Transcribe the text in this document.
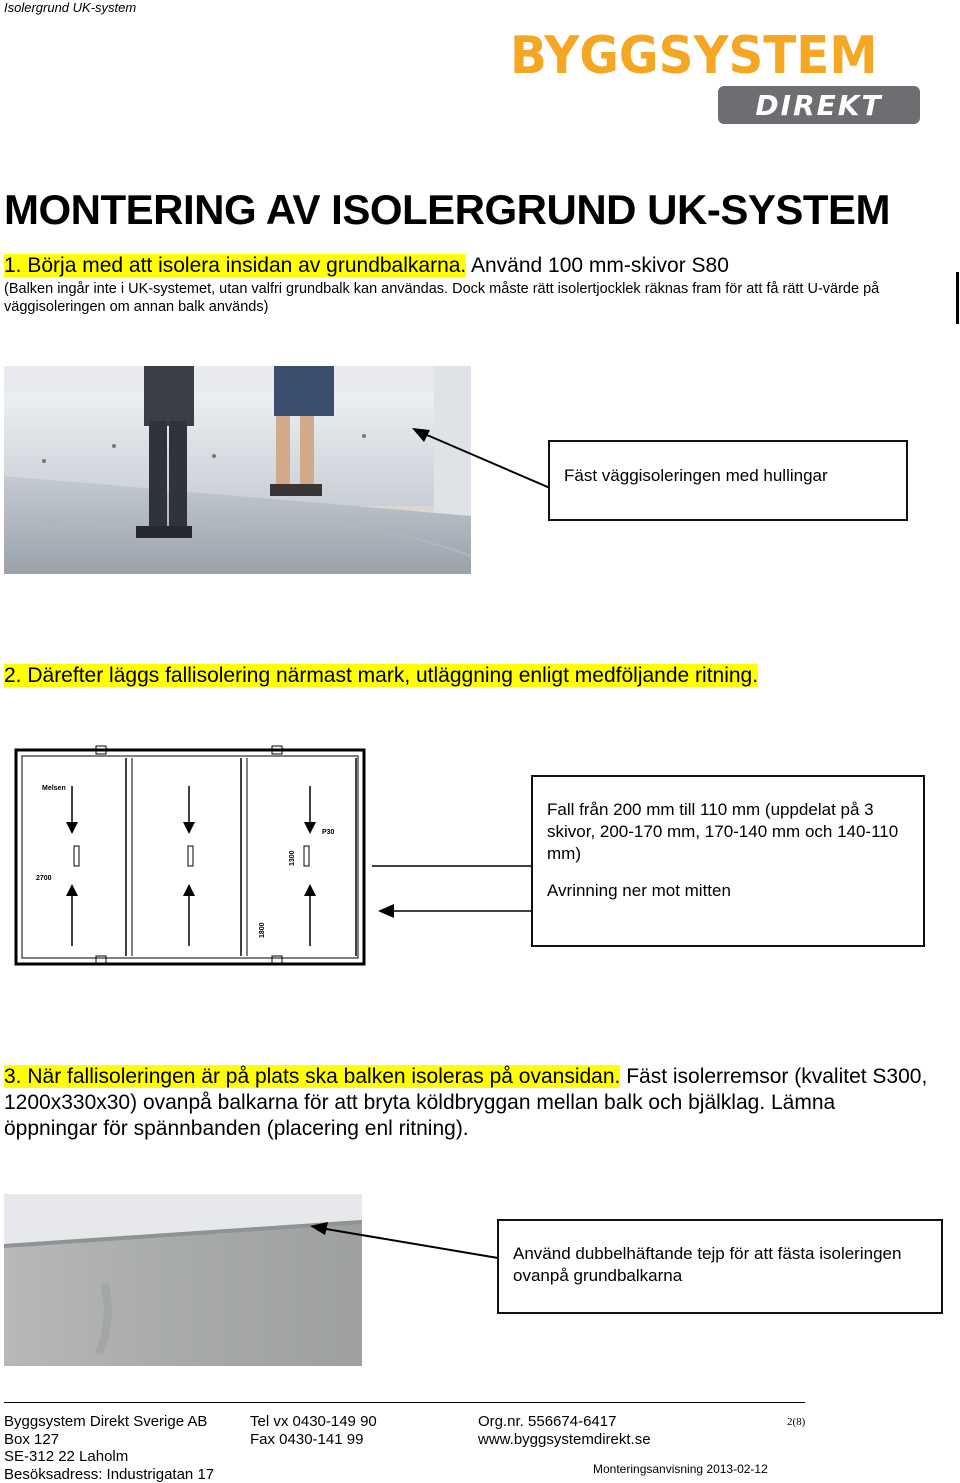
Isolergrund UK-system
BYGGSYSTEM
DIREKT
MONTERING AV ISOLERGRUND UK-SYSTEM
1. Börja med att isolera insidan av grundbalkarna. Använd 100 mm-skivor S80
(Balken ingår inte i UK-systemet, utan valfri grundbalk kan användas. Dock måste rätt isolertjocklek räknas fram för att få rätt U-värde på väggisoleringen om annan balk används)
Fäst väggisoleringen med hullingar
2. Därefter läggs fallisolering närmast mark, utläggning enligt medföljande ritning.
Melsen
P30
2700
1300
1800
Fall från 200 mm till 110 mm (uppdelat på 3 skivor, 200-170 mm, 170-140 mm och 140-110 mm)
Avrinning ner mot mitten
3. När fallisoleringen är på plats ska balken isoleras på ovansidan. Fäst isolerremsor (kvalitet S300, 1200x330x30) ovanpå balkarna för att bryta köldbryggan mellan balk och bjälklag. Lämna öppningar för spännbanden (placering enl ritning).
Använd dubbelhäftande tejp för att fästa isoleringen ovanpå grundbalkarna
Byggsystem Direkt Sverige AB
Box 127
SE-312 22 Laholm
Besöksadress: Industrigatan 17
Tel vx 0430-149 90
Fax 0430-141 99
Org.nr. 556674-6417
www.byggsystemdirekt.se
2(8)
Monteringsanvisning 2013-02-12
